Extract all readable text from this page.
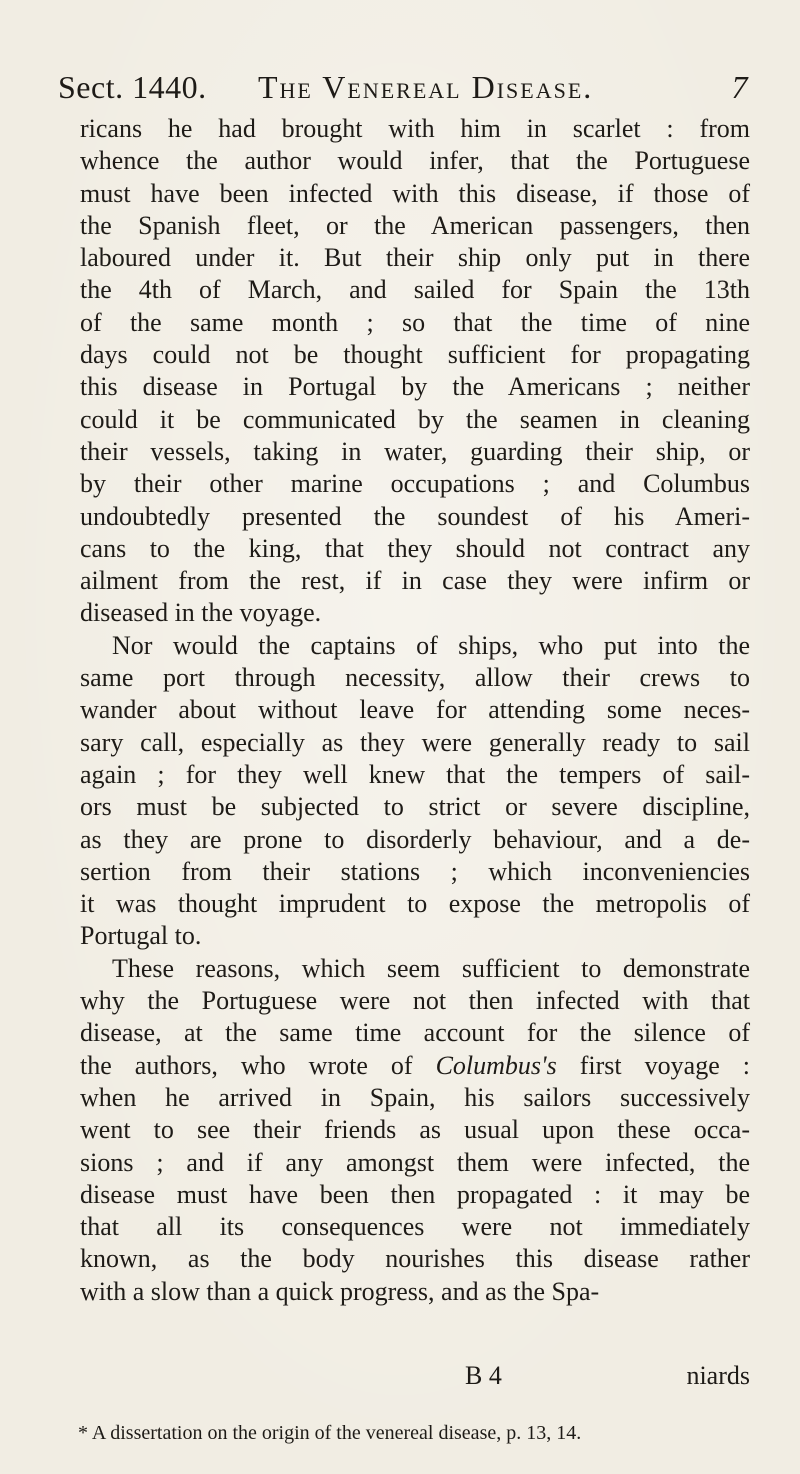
Sect. 1440. The Venereal Disease.	7
ricans he had brought with him in scarlet : from
whence the author would infer, that the Portuguese
must have been infected with this disease, if those of
the Spanish fleet, or the American passengers, then
laboured under it. But their ship only put in there
the 4th of March, and sailed for Spain the 13th
of the same month ; so that the time of nine
days could not be thought sufficient for propagating
this disease in Portugal by the Americans ; neither
could it be communicated by the seamen in cleaning
their vessels, taking in water, guarding their ship, or
by their other marine occupations ; and Columbus
undoubtedly presented the soundest of his Ameri-
cans to the king, that they should not contract any
ailment from the rest, if in case they were infirm or
diseased in the voyage.
Nor would the captains of ships, who put into the
same port through necessity, allow their crews to
wander about without leave for attending some neces-
sary call, especially as they were generally ready to sail
again ; for they well knew that the tempers of sail-
ors must be subjected to strict or severe discipline,
as they are prone to disorderly behaviour, and a de-
sertion from their stations ; which inconveniencies
it was thought imprudent to expose the metropolis of
Portugal to.
These reasons, which seem sufficient to demonstrate
why the Portuguese were not then infected with that
disease, at the same time account for the silence of
the authors, who wrote of Columbus's first voyage :
when he arrived in Spain, his sailors successively
went to see their friends as usual upon these occa-
sions ; and if any amongst them were infected, the
disease must have been then propagated : it may be
that all its consequences were not immediately
known, as the body nourishes this disease rather
with a slow than a quick progress, and as the Spa-
B 4	niards
* A dissertation on the origin of the venereal disease, p. 13, 14.
